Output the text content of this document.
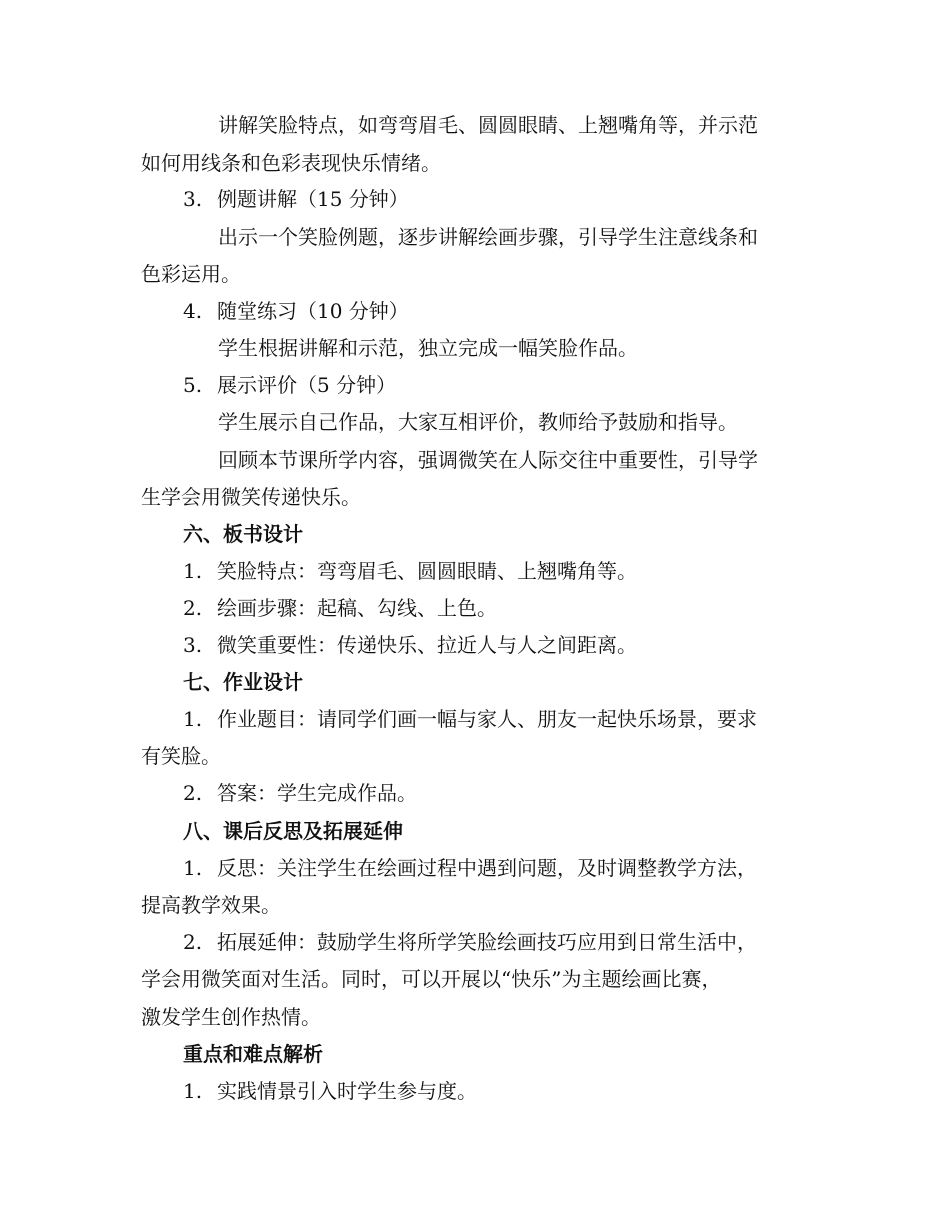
讲解笑脸特点，如弯弯眉毛、圆圆眼睛、上翘嘴角等，并示范
如何用线条和色彩表现快乐情绪。
3. 例题讲解（15 分钟）
出示一个笑脸例题，逐步讲解绘画步骤，引导学生注意线条和
色彩运用。
4. 随堂练习（10 分钟）
学生根据讲解和示范，独立完成一幅笑脸作品。
5. 展示评价（5 分钟）
学生展示自己作品，大家互相评价，教师给予鼓励和指导。
回顾本节课所学内容，强调微笑在人际交往中重要性，引导学
生学会用微笑传递快乐。
六、板书设计
1. 笑脸特点：弯弯眉毛、圆圆眼睛、上翘嘴角等。
2. 绘画步骤：起稿、勾线、上色。
3. 微笑重要性：传递快乐、拉近人与人之间距离。
七、作业设计
1. 作业题目：请同学们画一幅与家人、朋友一起快乐场景，要求
有笑脸。
2. 答案：学生完成作品。
八、课后反思及拓展延伸
1. 反思：关注学生在绘画过程中遇到问题，及时调整教学方法，
提高教学效果。
2. 拓展延伸：鼓励学生将所学笑脸绘画技巧应用到日常生活中，
学会用微笑面对生活。同时，可以开展以“快乐”为主题绘画比赛，
激发学生创作热情。
重点和难点解析
1. 实践情景引入时学生参与度。
